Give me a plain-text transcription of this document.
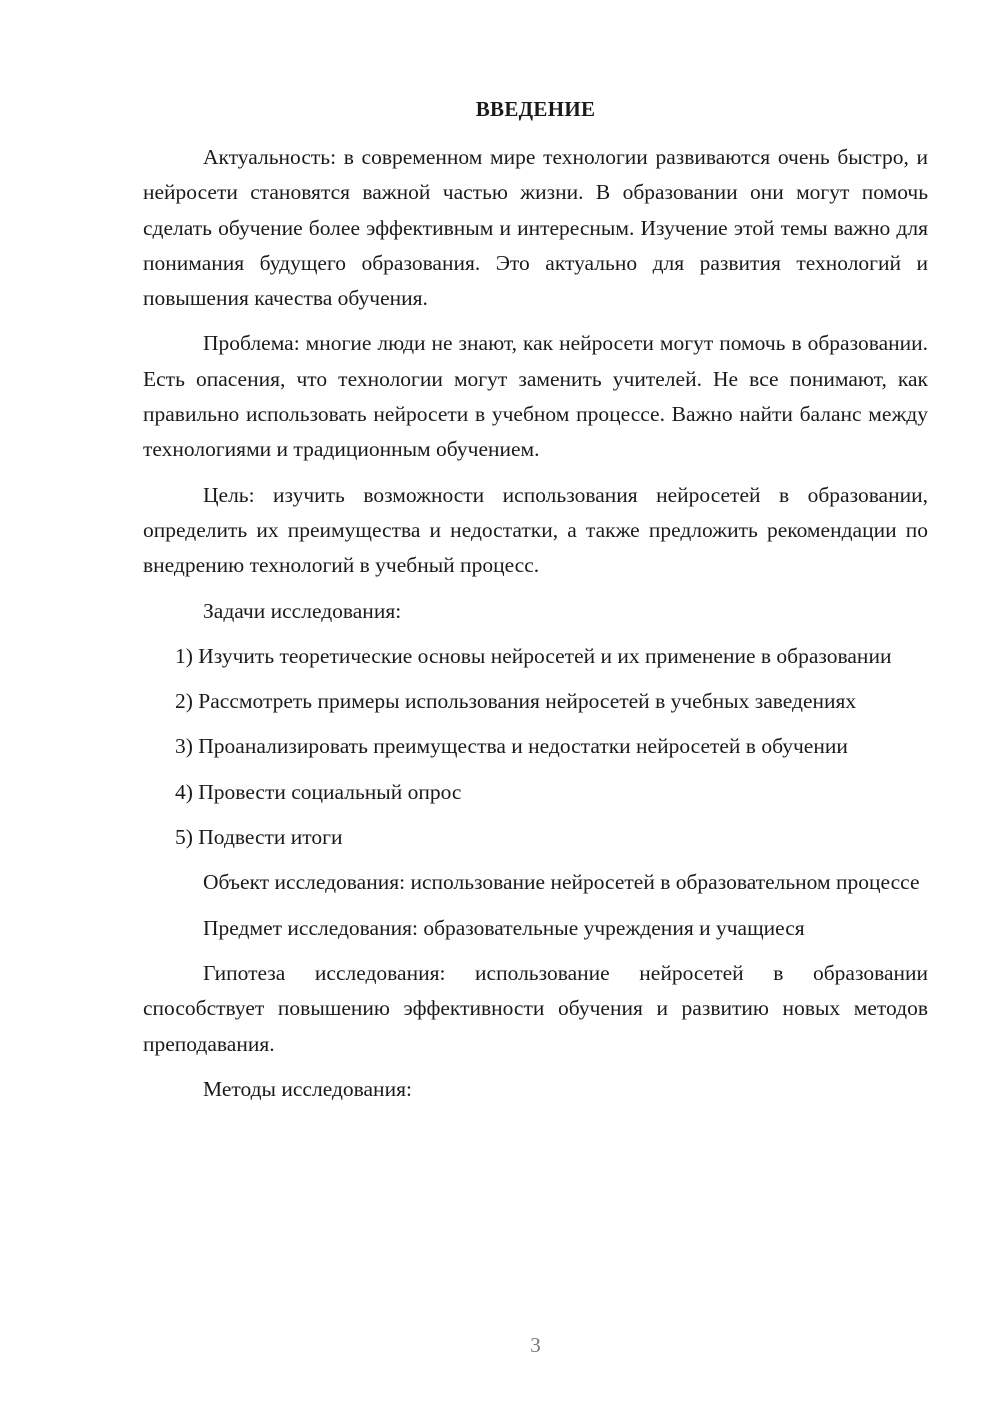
ВВЕДЕНИЕ

Актуальность: в современном мире технологии развиваются очень быстро, и нейросети становятся важной частью жизни. В образовании они могут помочь сделать обучение более эффективным и интересным. Изучение этой темы важно для понимания будущего образования. Это актуально для развития технологий и повышения качества обучения.

Проблема: многие люди не знают, как нейросети могут помочь в образовании. Есть опасения, что технологии могут заменить учителей. Не все понимают, как правильно использовать нейросети в учебном процессе. Важно найти баланс между технологиями и традиционным обучением.

Цель: изучить возможности использования нейросетей в образовании, определить их преимущества и недостатки, а также предложить рекомендации по внедрению технологий в учебный процесс.

Задачи исследования:

1) Изучить теоретические основы нейросетей и их применение в образовании

2) Рассмотреть примеры использования нейросетей в учебных заведениях

3) Проанализировать преимущества и недостатки нейросетей в обучении

4) Провести социальный опрос

5) Подвести итоги

Объект исследования: использование нейросетей в образовательном процессе

Предмет исследования: образовательные учреждения и учащиеся

Гипотеза исследования: использование нейросетей в образовании способствует повышению эффективности обучения и развитию новых методов преподавания.

Методы исследования:

3
